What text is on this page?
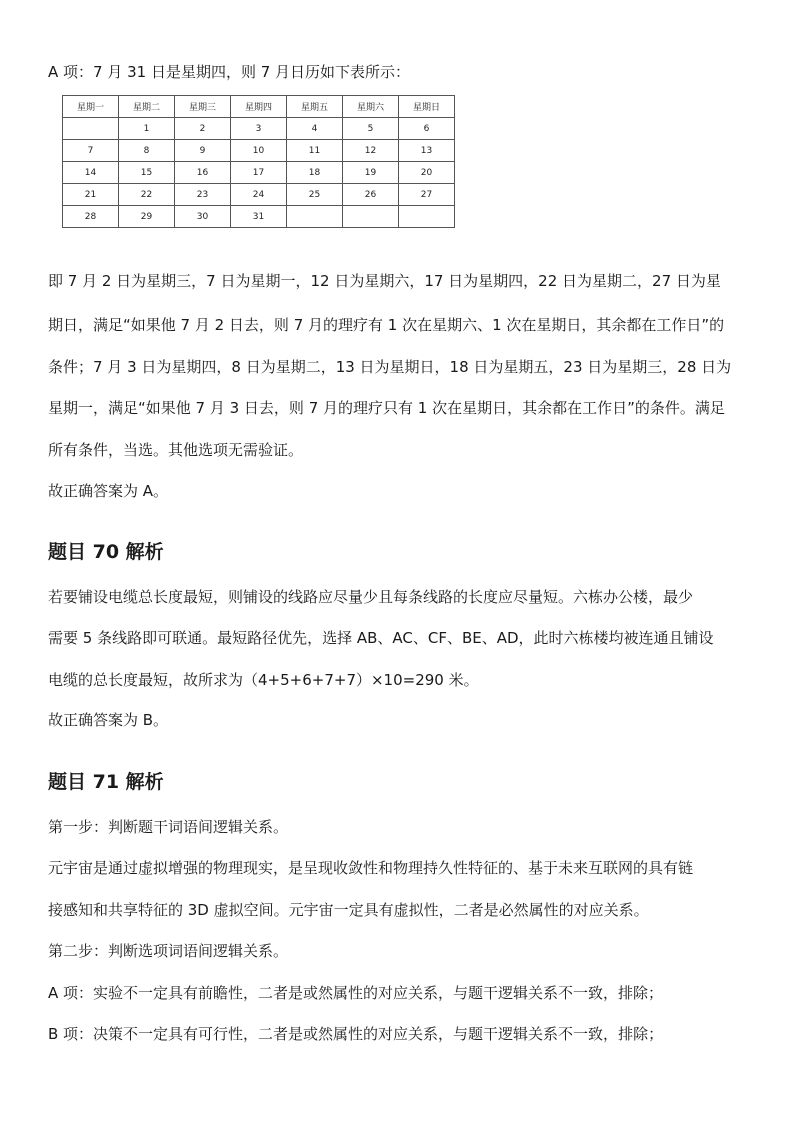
A 项：7 月 31 日是星期四，则 7 月日历如下表所示：

星期一	星期二	星期三	星期四	星期五	星期六	星期日
	1	2	3	4	5	6
7	8	9	10	11	12	13
14	15	16	17	18	19	20
21	22	23	24	25	26	27
28	29	30	31			

即 7 月 2 日为星期三，7 日为星期一，12 日为星期六，17 日为星期四，22 日为星期二，27 日为星

期日，满足“如果他 7 月 2 日去，则 7 月的理疗有 1 次在星期六、1 次在星期日，其余都在工作日”的

条件；7 月 3 日为星期四，8 日为星期二，13 日为星期日，18 日为星期五，23 日为星期三，28 日为

星期一，满足“如果他 7 月 3 日去，则 7 月的理疗只有 1 次在星期日，其余都在工作日”的条件。满足

所有条件，当选。其他选项无需验证。

故正确答案为 A。

题目 70 解析

若要铺设电缆总长度最短，则铺设的线路应尽量少且每条线路的长度应尽量短。六栋办公楼，最少

需要 5 条线路即可联通。最短路径优先，选择 AB、AC、CF、BE、AD，此时六栋楼均被连通且铺设

电缆的总长度最短，故所求为（4+5+6+7+7）×10=290 米。

故正确答案为 B。

题目 71 解析

第一步：判断题干词语间逻辑关系。

元宇宙是通过虚拟增强的物理现实，是呈现收敛性和物理持久性特征的、基于未来互联网的具有链

接感知和共享特征的 3D 虚拟空间。元宇宙一定具有虚拟性，二者是必然属性的对应关系。

第二步：判断选项词语间逻辑关系。

A 项：实验不一定具有前瞻性，二者是或然属性的对应关系，与题干逻辑关系不一致，排除；

B 项：决策不一定具有可行性，二者是或然属性的对应关系，与题干逻辑关系不一致，排除；
